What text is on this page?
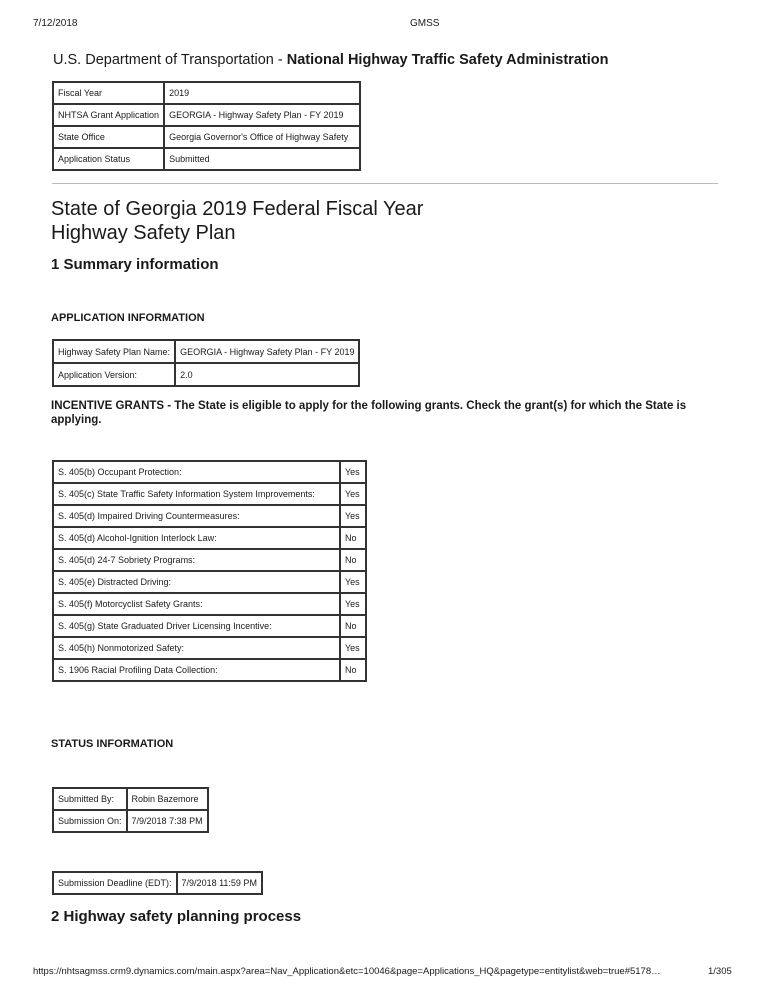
7/12/2018	GMSS
U.S. Department of Transportation - National Highway Traffic Safety Administration
Fiscal Year	2019
NHTSA Grant Application	GEORGIA - Highway Safety Plan - FY 2019
State Office	Georgia Governor's Office of Highway Safety
Application Status	Submitted
State of Georgia 2019 Federal Fiscal Year
Highway Safety Plan
1 Summary information
APPLICATION INFORMATION
Highway Safety Plan Name:	GEORGIA - Highway Safety Plan - FY 2019
Application Version:	2.0
INCENTIVE GRANTS - The State is eligible to apply for the following grants. Check the grant(s) for which the State is applying.
S. 405(b) Occupant Protection:	Yes
S. 405(c) State Traffic Safety Information System Improvements:	Yes
S. 405(d) Impaired Driving Countermeasures:	Yes
S. 405(d) Alcohol-Ignition Interlock Law:	No
S. 405(d) 24-7 Sobriety Programs:	No
S. 405(e) Distracted Driving:	Yes
S. 405(f) Motorcyclist Safety Grants:	Yes
S. 405(g) State Graduated Driver Licensing Incentive:	No
S. 405(h) Nonmotorized Safety:	Yes
S. 1906 Racial Profiling Data Collection:	No
STATUS INFORMATION
Submitted By:	Robin Bazemore
Submission On:	7/9/2018 7:38 PM
Submission Deadline (EDT):	7/9/2018 11:59 PM
2 Highway safety planning process
https://nhtsagmss.crm9.dynamics.com/main.aspx?area=Nav_Application&etc=10046&page=Applications_HQ&pagetype=entitylist&web=true#5178…	1/305
